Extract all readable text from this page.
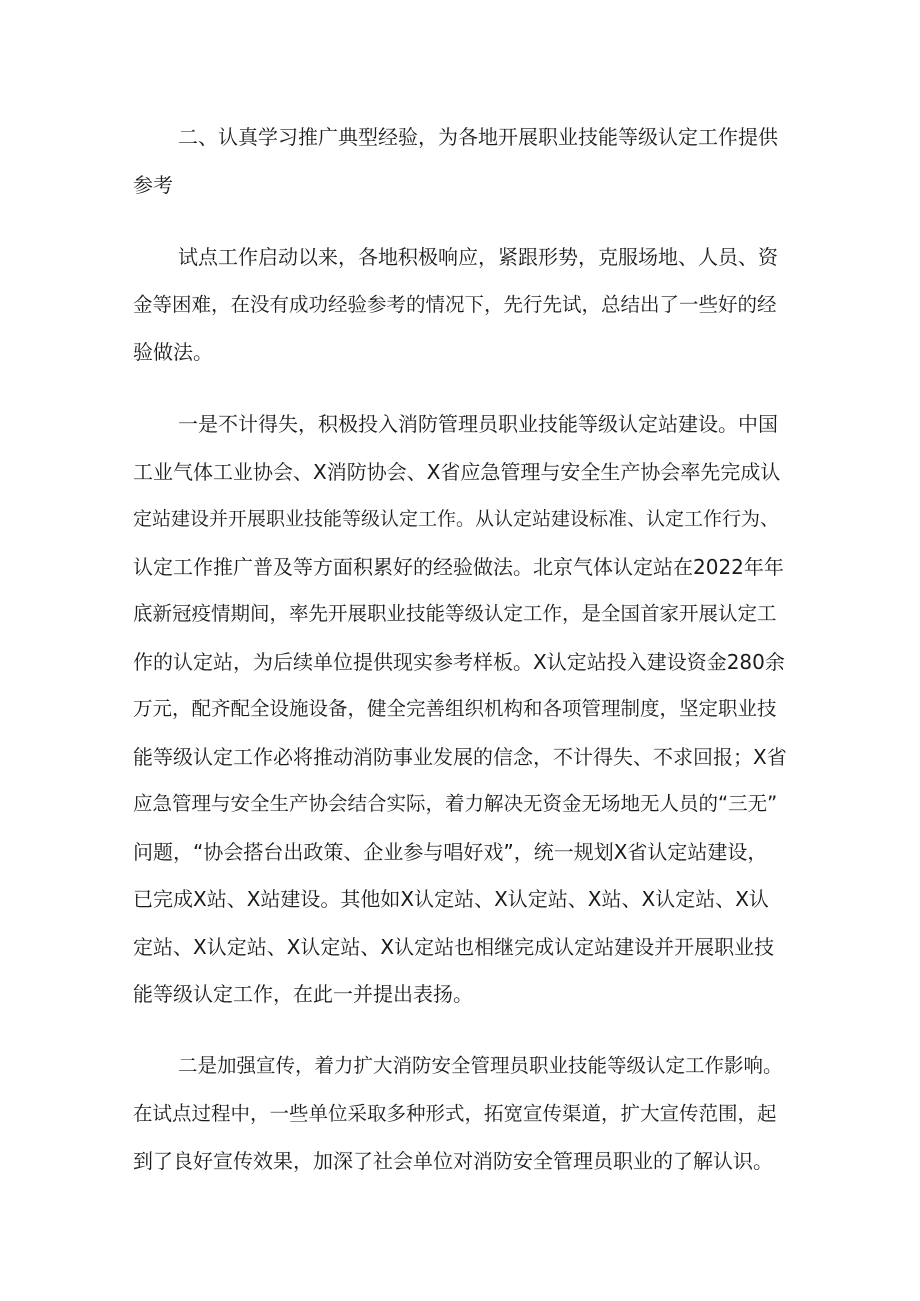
二、认真学习推广典型经验，为各地开展职业技能等级认定工作提供

参考

试点工作启动以来，各地积极响应，紧跟形势，克服场地、人员、资

金等困难，在没有成功经验参考的情况下，先行先试，总结出了一些好的经

验做法。

一是不计得失，积极投入消防管理员职业技能等级认定站建设。中国

工业气体工业协会、X消防协会、X省应急管理与安全生产协会率先完成认

定站建设并开展职业技能等级认定工作。从认定站建设标准、认定工作行为、

认定工作推广普及等方面积累好的经验做法。北京气体认定站在2022年年

底新冠疫情期间，率先开展职业技能等级认定工作，是全国首家开展认定工

作的认定站，为后续单位提供现实参考样板。X认定站投入建设资金280余

万元，配齐配全设施设备，健全完善组织机构和各项管理制度，坚定职业技

能等级认定工作必将推动消防事业发展的信念，不计得失、不求回报；X省

应急管理与安全生产协会结合实际，着力解决无资金无场地无人员的“三无”

问题，“协会搭台出政策、企业参与唱好戏”，统一规划X省认定站建设，

已完成X站、X站建设。其他如X认定站、X认定站、X站、X认定站、X认

定站、X认定站、X认定站、X认定站也相继完成认定站建设并开展职业技

能等级认定工作，在此一并提出表扬。

二是加强宣传，着力扩大消防安全管理员职业技能等级认定工作影响。

在试点过程中，一些单位采取多种形式，拓宽宣传渠道，扩大宣传范围，起

到了良好宣传效果，加深了社会单位对消防安全管理员职业的了解认识。
